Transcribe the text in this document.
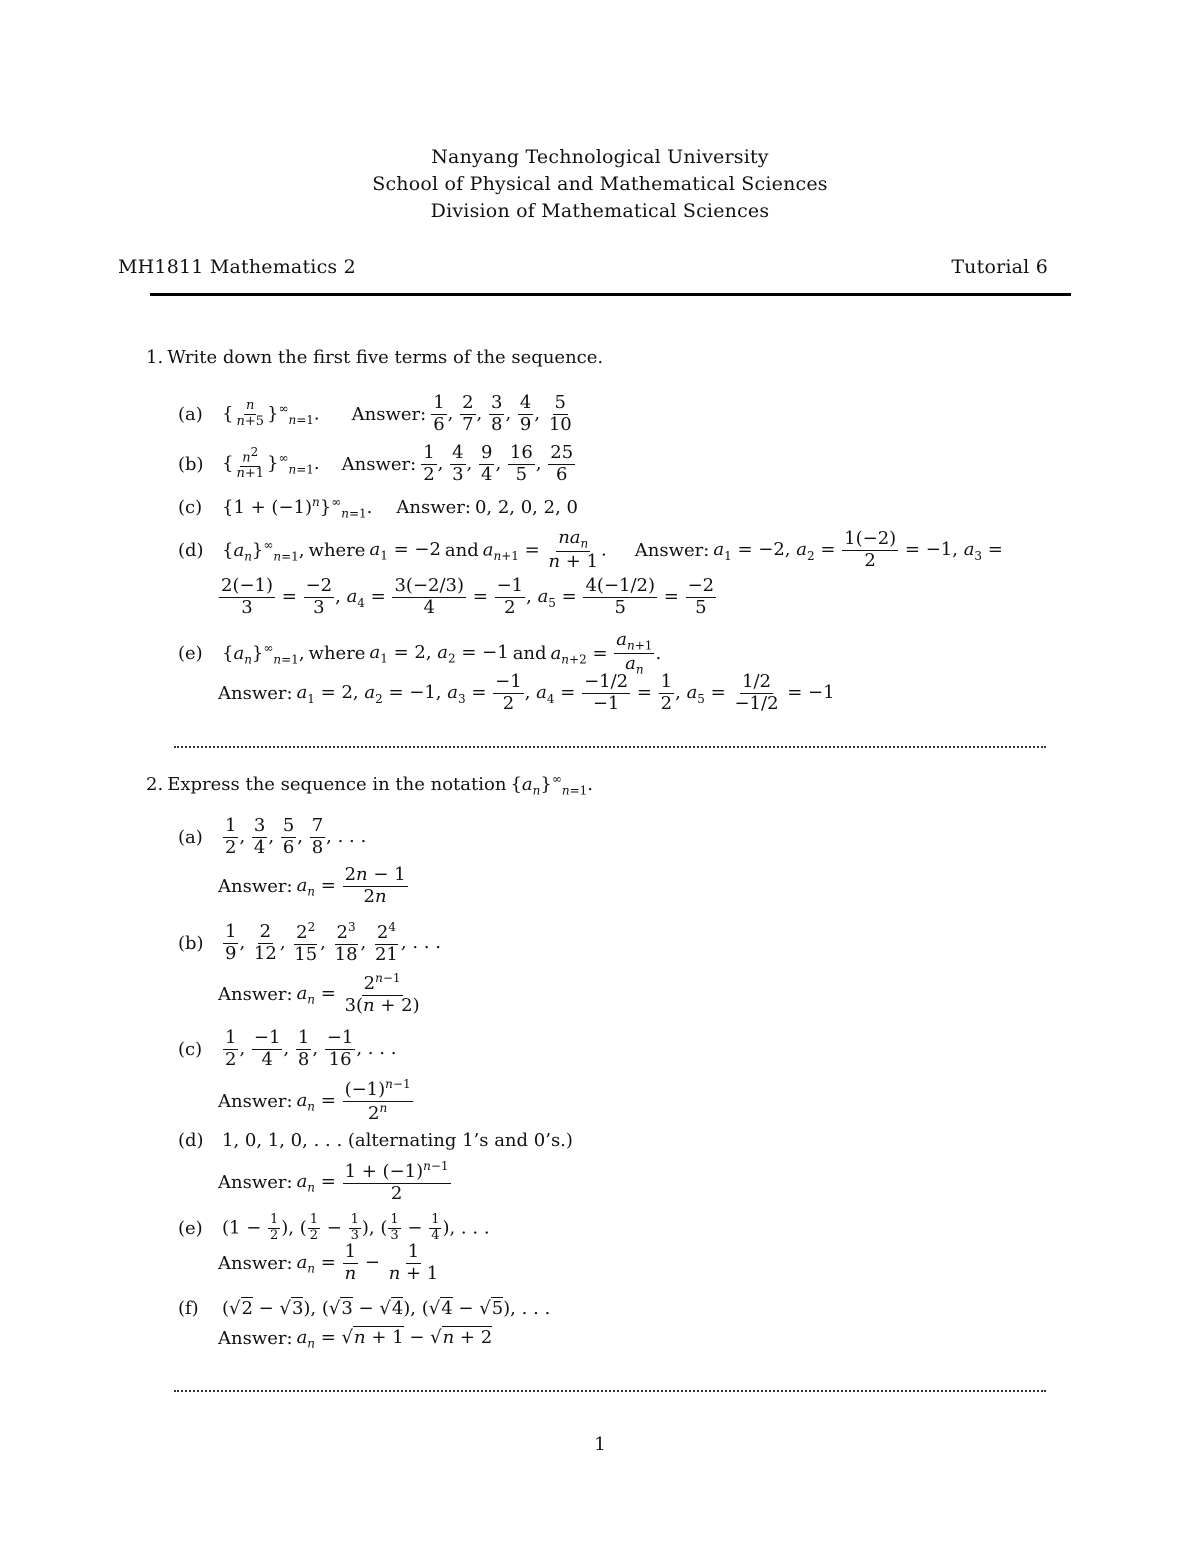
Nanyang Technological University
School of Physical and Mathematical Sciences
Division of Mathematical Sciences
MH1811 Mathematics 2	Tutorial 6
1. Write down the first five terms of the sequence.
(a)	{ $\frac{n}{n+5} \}^\infty_{n=1}$. Answer: $\frac{1}{6}$ , $\frac{2}{7}$ , $\frac{3}{8}$ , $\frac{4}{9}$ , $\frac{5}{10}$
(b)	{ $\frac{n^2}{n+1} \}^\infty_{n=1}$. Answer: $\frac{1}{2}$ , $\frac{4}{3}$ , $\frac{9}{4}$ , $\frac{16}{5}$ , $\frac{25}{6}$
(c)	$\{1 + (-1)^n\}^\infty_{n=1}$. Answer: 0, 2, 0, 2, 0
(d)	$\{a_n\}^\infty_{n=1}$, where $a_1 = -2$ and $a_{n+1} = \frac{na_n}{n + 1}$ . Answer: $a_1 = -2$, $a_2 = \frac{1(-2)}{2} = -1$, $a_3$ =
$\frac{2(-1)}{3} = \frac{-2}{3}$ , $a_4 = \frac{3(-2/3)}{4} = \frac{-1}{2}$ , $a_5 = \frac{4(-1/2)}{5} = \frac{-2}{5}$
(e)	$\{a_n\}^\infty_{n=1}$, where $a_1 = 2$, $a_2 = -1$ and $a_{n+2} = \frac{a_{n+1}}{a_n}$ .
Answer: $a_1 = 2$, $a_2 = -1$, $a_3 = \frac{-1}{2}$ , $a_4 = \frac{-1/2}{-1} = \frac{1}{2}$ , $a_5 = \frac{1/2}{-1/2} = -1$
2. Express the sequence in the notation $\{a_n\}^\infty_{n=1}$.
(a)	$\frac{1}{2}$ , $\frac{3}{4}$ , $\frac{5}{6}$ , $\frac{7}{8}$ , . . .
Answer: $a_n = \frac{2n - 1}{2n}$
(b)	$\frac{1}{9}$ , $\frac{2}{12}$ , $\frac{2^2}{15}$ , $\frac{2^3}{18}$ , $\frac{2^4}{21}$ , . . .
Answer: $a_n = \frac{2^{n-1}}{3(n + 2)}$
(c)	$\frac{1}{2}$ , $\frac{-1}{4}$ , $\frac{1}{8}$ , $\frac{-1}{16}$ , . . .
Answer: $a_n = \frac{(-1)^{n-1}}{2^n}$
(d)	1, 0, 1, 0, . . . (alternating 1’s and 0’s.)
Answer: $a_n = \frac{1 + (-1)^{n-1}}{2}$
(e)	($1 - \frac{1}{2}$ ), ( $\frac{1}{2} - \frac{1}{3}$ ), ( $\frac{1}{3} - \frac{1}{4}$ ), . . .
Answer: $a_n = \frac{1}{n} - \frac{1}{n + 1}$
(f)	(√2 − √3), (√3 − √4), (√4 − √5), . . .
Answer: $a_n = √n + 1 - √n + 2$
1
